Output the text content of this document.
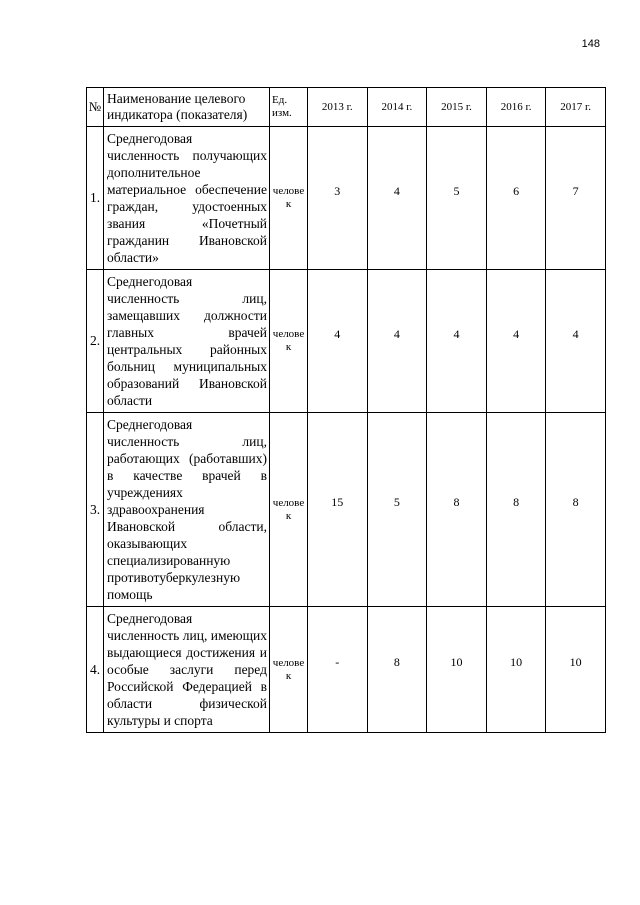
148
№	Наименование целевого индикатора (показателя)	Ед. изм.	2013 г.	2014 г.	2015 г.	2016 г.	2017 г.
1.	Среднегодовая численность получающих дополнительное материальное обеспечение граждан, удостоенных звания «Почетный гражданин Ивановской области»	человек	3	4	5	6	7
2.	Среднегодовая численность лиц, замещавших должности главных врачей центральных районных больниц муниципальных образований Ивановской области	человек	4	4	4	4	4
3.	Среднегодовая численность лиц, работающих (работавших) в качестве врачей в учреждениях здравоохранения Ивановской области, оказывающих специализированную противотуберкулезную помощь	человек	15	5	8	8	8
4.	Среднегодовая численность лиц, имеющих выдающиеся достижения и особые заслуги перед Российской Федерацией в области физической культуры и спорта	человек	-	8	10	10	10
